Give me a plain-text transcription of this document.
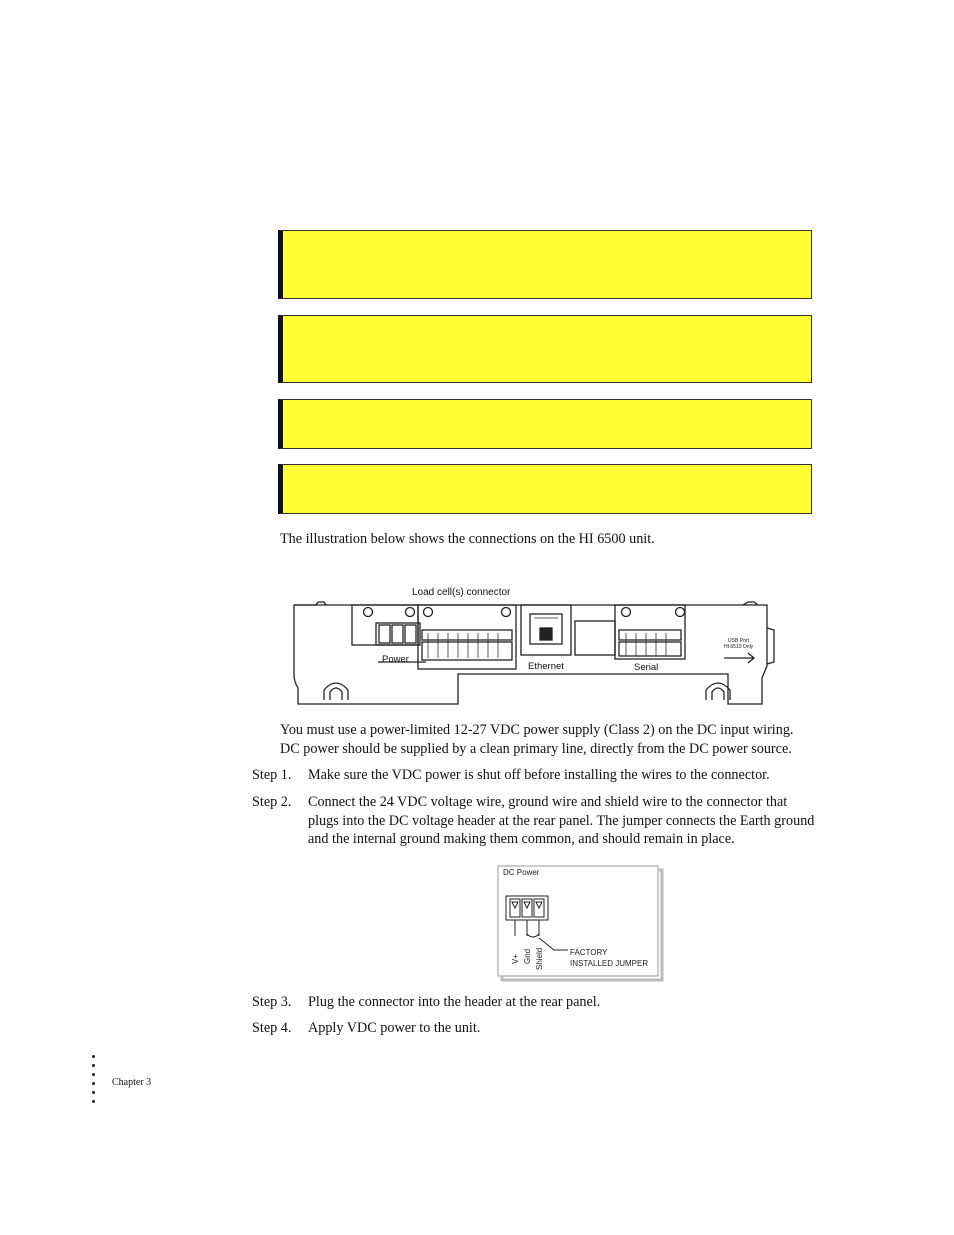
The illustration below shows the connections on the HI 6500 unit.

Load cell(s) connector
Power
Ethernet	Serial
USB Port
HI 6510 Only

You must use a power-limited 12-27 VDC power supply (Class 2) on the DC input wiring.

DC power should be supplied by a clean primary line, directly from the DC power source.

Step 1.	Make sure the VDC power is shut off before installing the wires to the connector.
Step 2.	Connect the 24 VDC voltage wire, ground wire and shield wire to the connector that plugs into the DC voltage header at the rear panel. The jumper connects the Earth ground and the internal ground making them common, and should remain in place.
DC Power
V+ Gnd Shield	FACTORY
INSTALLED JUMPER
Step 3.	Plug the connector into the header at the rear panel.
Step 4.	Apply VDC power to the unit.
Chapter 3
